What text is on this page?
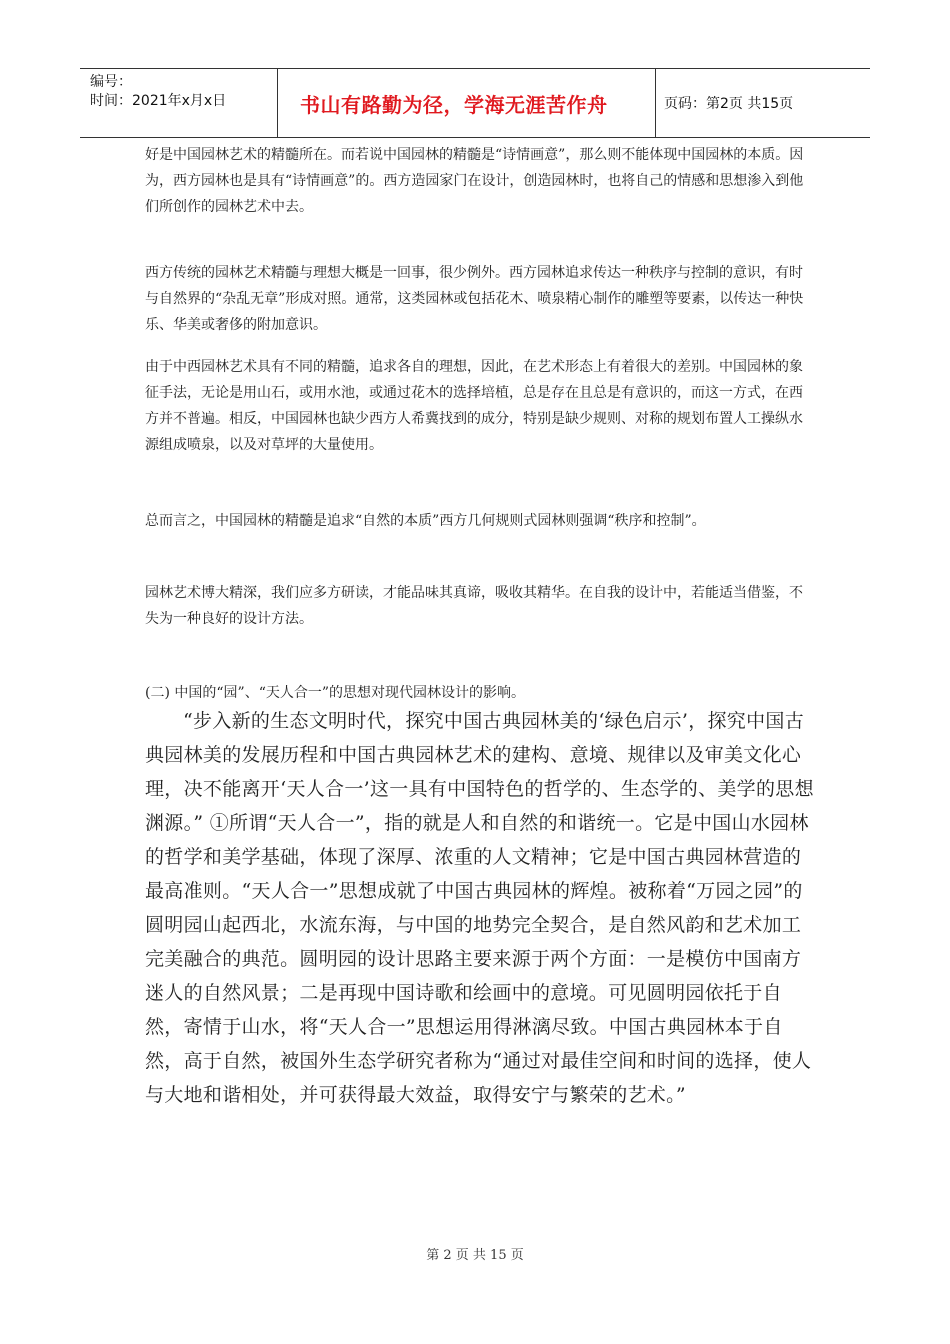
编号：
时间：2021年x月x日	书山有路勤为径，学海无涯苦作舟	页码：第2页 共15页

好是中国园林艺术的精髓所在。而若说中国园林的精髓是“诗情画意”，那么则不能体现中国园林的本质。因为，西方园林也是具有“诗情画意”的。西方造园家门在设计，创造园林时，也将自己的情感和思想渗入到他们所创作的园林艺术中去。

西方传统的园林艺术精髓与理想大概是一回事，很少例外。西方园林追求传达一种秩序与控制的意识，有时与自然界的“杂乱无章”形成对照。通常，这类园林或包括花木、喷泉精心制作的雕塑等要素，以传达一种快乐、华美或奢侈的附加意识。

由于中西园林艺术具有不同的精髓，追求各自的理想，因此，在艺术形态上有着很大的差别。中国园林的象征手法，无论是用山石，或用水池，或通过花木的选择培植，总是存在且总是有意识的，而这一方式，在西方并不普遍。相反，中国园林也缺少西方人希冀找到的成分，特别是缺少规则、对称的规划布置人工操纵水源组成喷泉，以及对草坪的大量使用。

总而言之，中国园林的精髓是追求“自然的本质”西方几何规则式园林则强调“秩序和控制”。

园林艺术博大精深，我们应多方研读，才能品味其真谛，吸收其精华。在自我的设计中，若能适当借鉴，不失为一种良好的设计方法。

(二) 中国的“园”、“天人合一”的思想对现代园林设计的影响。

“步入新的生态文明时代，探究中国古典园林美的‘绿色启示’，探究中国古典园林美的发展历程和中国古典园林艺术的建构、意境、规律以及审美文化心理，决不能离开‘天人合一’这一具有中国特色的哲学的、生态学的、美学的思想渊源。” ①所谓“天人合一”，指的就是人和自然的和谐统一。它是中国山水园林的哲学和美学基础，体现了深厚、浓重的人文精神；它是中国古典园林营造的最高准则。“天人合一”思想成就了中国古典园林的辉煌。被称着“万园之园”的圆明园山起西北，水流东海，与中国的地势完全契合，是自然风韵和艺术加工完美融合的典范。圆明园的设计思路主要来源于两个方面：一是模仿中国南方迷人的自然风景；二是再现中国诗歌和绘画中的意境。可见圆明园依托于自然，寄情于山水，将“天人合一”思想运用得淋漓尽致。中国古典园林本于自然，高于自然，被国外生态学研究者称为“通过对最佳空间和时间的选择，使人与大地和谐相处，并可获得最大效益，取得安宁与繁荣的艺术。”

第 2 页 共 15 页
